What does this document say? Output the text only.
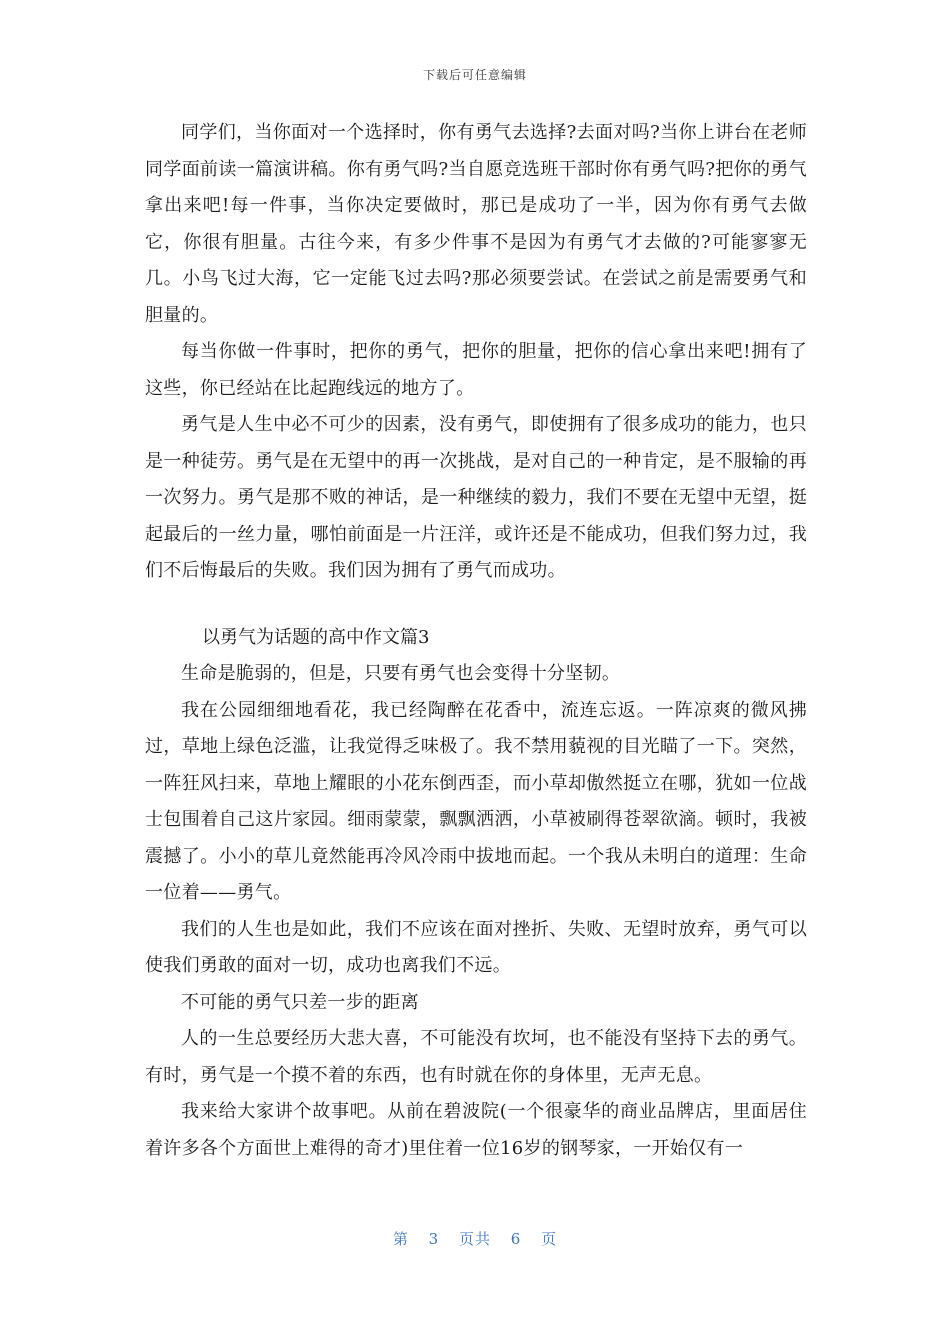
下载后可任意编辑

同学们，当你面对一个选择时，你有勇气去选择?去面对吗?当你上讲台在老师同学面前读一篇演讲稿。你有勇气吗?当自愿竞选班干部时你有勇气吗?把你的勇气拿出来吧!每一件事，当你决定要做时，那已是成功了一半，因为你有勇气去做它，你很有胆量。古往今来，有多少件事不是因为有勇气才去做的?可能寥寥无几。小鸟飞过大海，它一定能飞过去吗?那必须要尝试。在尝试之前是需要勇气和胆量的。

每当你做一件事时，把你的勇气，把你的胆量，把你的信心拿出来吧!拥有了这些，你已经站在比起跑线远的地方了。

勇气是人生中必不可少的因素，没有勇气，即使拥有了很多成功的能力，也只是一种徒劳。勇气是在无望中的再一次挑战，是对自己的一种肯定，是不服输的再一次努力。勇气是那不败的神话，是一种继续的毅力，我们不要在无望中无望，挺起最后的一丝力量，哪怕前面是一片汪洋，或许还是不能成功，但我们努力过，我们不后悔最后的失败。我们因为拥有了勇气而成功。

以勇气为话题的高中作文篇3

生命是脆弱的，但是，只要有勇气也会变得十分坚韧。

我在公园细细地看花，我已经陶醉在花香中，流连忘返。一阵凉爽的微风拂过，草地上绿色泛滥，让我觉得乏味极了。我不禁用藐视的目光瞄了一下。突然，一阵狂风扫来，草地上耀眼的小花东倒西歪，而小草却傲然挺立在哪，犹如一位战士包围着自己这片家园。细雨蒙蒙，飘飘洒洒，小草被刷得苍翠欲滴。顿时，我被震撼了。小小的草儿竟然能再冷风冷雨中拔地而起。一个我从未明白的道理：生命一位着——勇气。

我们的人生也是如此，我们不应该在面对挫折、失败、无望时放弃，勇气可以使我们勇敢的面对一切，成功也离我们不远。

不可能的勇气只差一步的距离

人的一生总要经历大悲大喜，不可能没有坎坷，也不能没有坚持下去的勇气。有时，勇气是一个摸不着的东西，也有时就在你的身体里，无声无息。

我来给大家讲个故事吧。从前在碧波院(一个很豪华的商业品牌店，里面居住着许多各个方面世上难得的奇才)里住着一位16岁的钢琴家，一开始仅有一

第 3 页共 6 页
